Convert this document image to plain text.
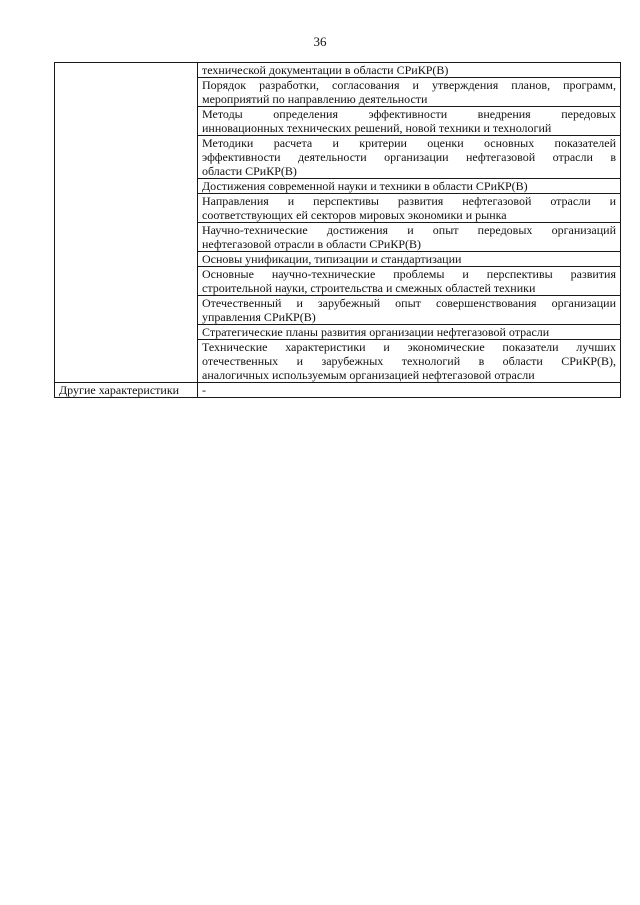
36

	технической документации в области СРиКР(В)

	Порядок разработки, согласования и утверждения планов, программ,
мероприятий по направлению деятельности

	Методы определения эффективности внедрения передовых
инновационных технических решений, новой техники и технологий

	Методики расчета и критерии оценки основных показателей
эффективности деятельности организации нефтегазовой отрасли в
области СРиКР(В)

	Достижения современной науки и техники в области СРиКР(В)

	Направления и перспективы развития нефтегазовой отрасли и
соответствующих ей секторов мировых экономики и рынка

	Научно-технические достижения и опыт передовых организаций
нефтегазовой отрасли в области СРиКР(В)

	Основы унификации, типизации и стандартизации

	Основные научно-технические проблемы и перспективы развития
строительной науки, строительства и смежных областей техники

	Отечественный и зарубежный опыт совершенствования организации
управления СРиКР(В)

	Стратегические планы развития организации нефтегазовой отрасли

	Технические характеристики и экономические показатели лучших
отечественных и зарубежных технологий в области СРиКР(В),
аналогичных используемым организацией нефтегазовой отрасли

Другие характеристики	-
